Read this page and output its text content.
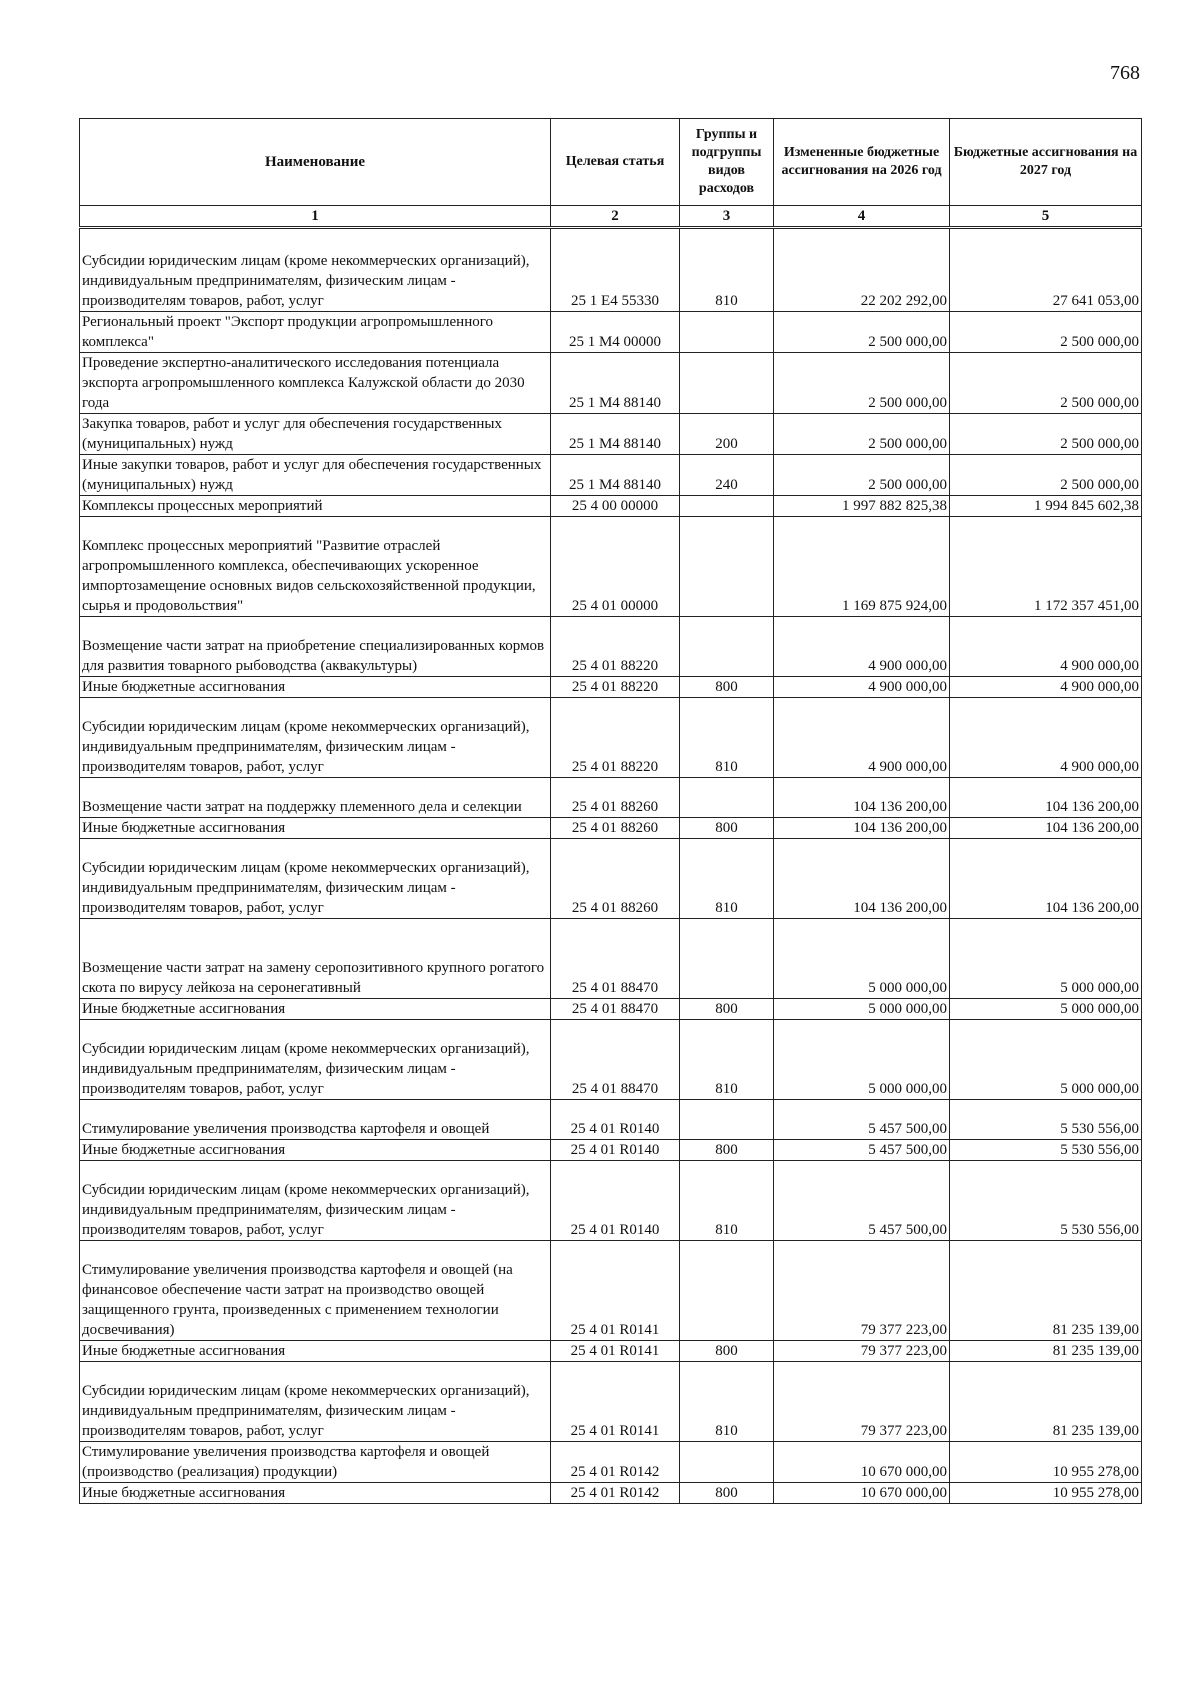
768
Наименование	Целевая статья	Группы и подгруппы видов расходов	Измененные бюджетные ассигнования на 2026 год	Бюджетные ассигнования на 2027 год
1	2	3	4	5
Субсидии юридическим лицам (кроме некоммерческих организаций), индивидуальным предпринимателям, физическим лицам - производителям товаров, работ, услуг	25 1 E4 55330	810	22 202 292,00	27 641 053,00
Региональный проект "Экспорт продукции агропромышленного комплекса"	25 1 M4 00000		2 500 000,00	2 500 000,00
Проведение экспертно-аналитического исследования потенциала экспорта агропромышленного комплекса Калужской области до 2030 года	25 1 M4 88140		2 500 000,00	2 500 000,00
Закупка товаров, работ и услуг для обеспечения государственных (муниципальных) нужд	25 1 M4 88140	200	2 500 000,00	2 500 000,00
Иные закупки товаров, работ и услуг для обеспечения государственных (муниципальных) нужд	25 1 M4 88140	240	2 500 000,00	2 500 000,00
Комплексы процессных мероприятий	25 4 00 00000		1 997 882 825,38	1 994 845 602,38
Комплекс процессных мероприятий "Развитие отраслей агропромышленного комплекса, обеспечивающих ускоренное импортозамещение основных видов сельскохозяйственной продукции, сырья и продовольствия"	25 4 01 00000		1 169 875 924,00	1 172 357 451,00
Возмещение части затрат на приобретение специализированных кормов для развития товарного рыбоводства (аквакультуры)	25 4 01 88220		4 900 000,00	4 900 000,00
Иные бюджетные ассигнования	25 4 01 88220	800	4 900 000,00	4 900 000,00
Субсидии юридическим лицам (кроме некоммерческих организаций), индивидуальным предпринимателям, физическим лицам - производителям товаров, работ, услуг	25 4 01 88220	810	4 900 000,00	4 900 000,00
Возмещение части затрат на поддержку племенного дела и селекции	25 4 01 88260		104 136 200,00	104 136 200,00
Иные бюджетные ассигнования	25 4 01 88260	800	104 136 200,00	104 136 200,00
Субсидии юридическим лицам (кроме некоммерческих организаций), индивидуальным предпринимателям, физическим лицам - производителям товаров, работ, услуг	25 4 01 88260	810	104 136 200,00	104 136 200,00
Возмещение части затрат на замену серопозитивного крупного рогатого скота по вирусу лейкоза на серонегативный	25 4 01 88470		5 000 000,00	5 000 000,00
Иные бюджетные ассигнования	25 4 01 88470	800	5 000 000,00	5 000 000,00
Субсидии юридическим лицам (кроме некоммерческих организаций), индивидуальным предпринимателям, физическим лицам - производителям товаров, работ, услуг	25 4 01 88470	810	5 000 000,00	5 000 000,00
Стимулирование увеличения производства картофеля и овощей	25 4 01 R0140		5 457 500,00	5 530 556,00
Иные бюджетные ассигнования	25 4 01 R0140	800	5 457 500,00	5 530 556,00
Субсидии юридическим лицам (кроме некоммерческих организаций), индивидуальным предпринимателям, физическим лицам - производителям товаров, работ, услуг	25 4 01 R0140	810	5 457 500,00	5 530 556,00
Стимулирование увеличения производства картофеля и овощей (на финансовое обеспечение части затрат на производство овощей защищенного грунта, произведенных с применением технологии досвечивания)	25 4 01 R0141		79 377 223,00	81 235 139,00
Иные бюджетные ассигнования	25 4 01 R0141	800	79 377 223,00	81 235 139,00
Субсидии юридическим лицам (кроме некоммерческих организаций), индивидуальным предпринимателям, физическим лицам - производителям товаров, работ, услуг	25 4 01 R0141	810	79 377 223,00	81 235 139,00
Стимулирование увеличения производства картофеля и овощей (производство (реализация) продукции)	25 4 01 R0142		10 670 000,00	10 955 278,00
Иные бюджетные ассигнования	25 4 01 R0142	800	10 670 000,00	10 955 278,00
